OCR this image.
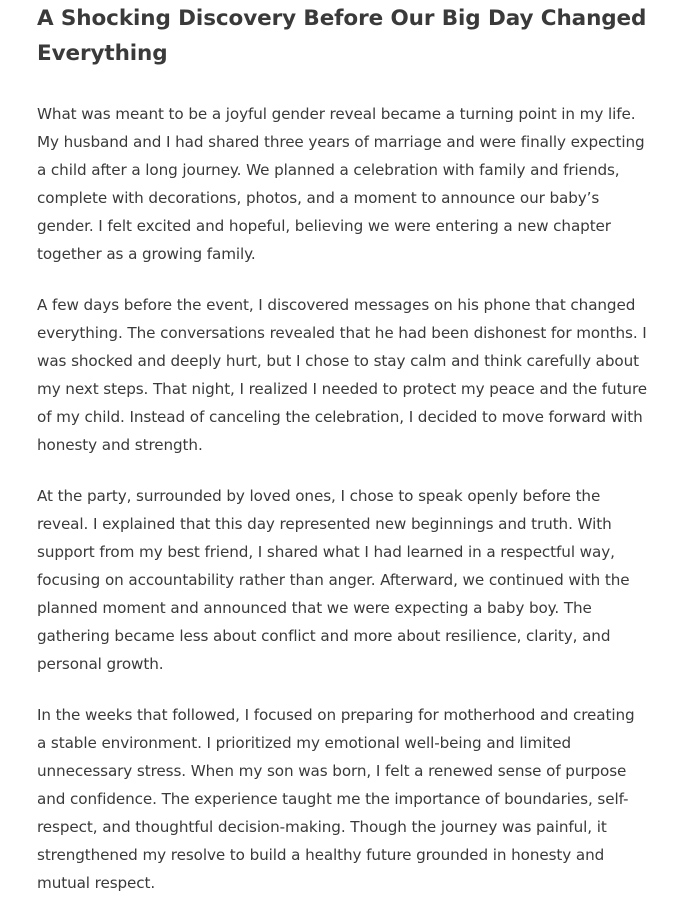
A Shocking Discovery Before Our Big Day Changed Everything

What was meant to be a joyful gender reveal became a turning point in my life. My husband and I had shared three years of marriage and were finally expecting a child after a long journey. We planned a celebration with family and friends, complete with decorations, photos, and a moment to announce our baby’s gender. I felt excited and hopeful, believing we were entering a new chapter together as a growing family.

A few days before the event, I discovered messages on his phone that changed everything. The conversations revealed that he had been dishonest for months. I was shocked and deeply hurt, but I chose to stay calm and think carefully about my next steps. That night, I realized I needed to protect my peace and the future of my child. Instead of canceling the celebration, I decided to move forward with honesty and strength.

At the party, surrounded by loved ones, I chose to speak openly before the reveal. I explained that this day represented new beginnings and truth. With support from my best friend, I shared what I had learned in a respectful way, focusing on accountability rather than anger. Afterward, we continued with the planned moment and announced that we were expecting a baby boy. The gathering became less about conflict and more about resilience, clarity, and personal growth.

In the weeks that followed, I focused on preparing for motherhood and creating a stable environment. I prioritized my emotional well-being and limited unnecessary stress. When my son was born, I felt a renewed sense of purpose and confidence. The experience taught me the importance of boundaries, self-respect, and thoughtful decision-making. Though the journey was painful, it strengthened my resolve to build a healthy future grounded in honesty and mutual respect.
